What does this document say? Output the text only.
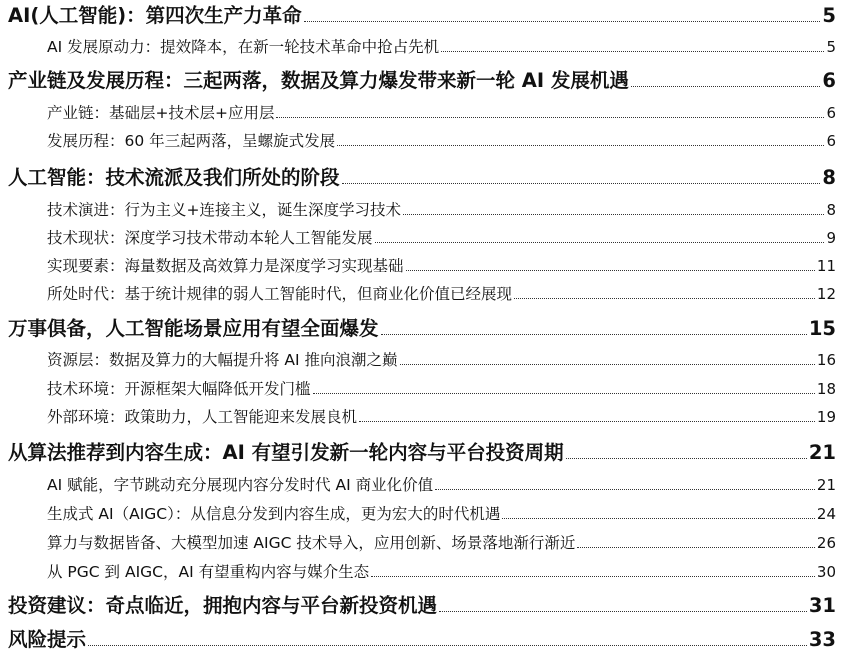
AI(人工智能)：第四次生产力革命	5
AI 发展原动力：提效降本，在新一轮技术革命中抢占先机	5
产业链及发展历程：三起两落，数据及算力爆发带来新一轮 AI 发展机遇	6
产业链：基础层+技术层+应用层	6
发展历程：60 年三起两落，呈螺旋式发展	6
人工智能：技术流派及我们所处的阶段	8
技术演进：行为主义+连接主义，诞生深度学习技术	8
技术现状：深度学习技术带动本轮人工智能发展	9
实现要素：海量数据及高效算力是深度学习实现基础	11
所处时代：基于统计规律的弱人工智能时代，但商业化价值已经展现	12
万事俱备，人工智能场景应用有望全面爆发	15
资源层：数据及算力的大幅提升将 AI 推向浪潮之巅	16
技术环境：开源框架大幅降低开发门槛	18
外部环境：政策助力，人工智能迎来发展良机	19
从算法推荐到内容生成：AI 有望引发新一轮内容与平台投资周期	21
AI 赋能，字节跳动充分展现内容分发时代 AI 商业化价值	21
生成式 AI（AIGC）：从信息分发到内容生成，更为宏大的时代机遇	24
算力与数据皆备、大模型加速 AIGC 技术导入，应用创新、场景落地渐行渐近	26
从 PGC 到 AIGC，AI 有望重构内容与媒介生态	30
投资建议：奇点临近，拥抱内容与平台新投资机遇	31
风险提示	33
